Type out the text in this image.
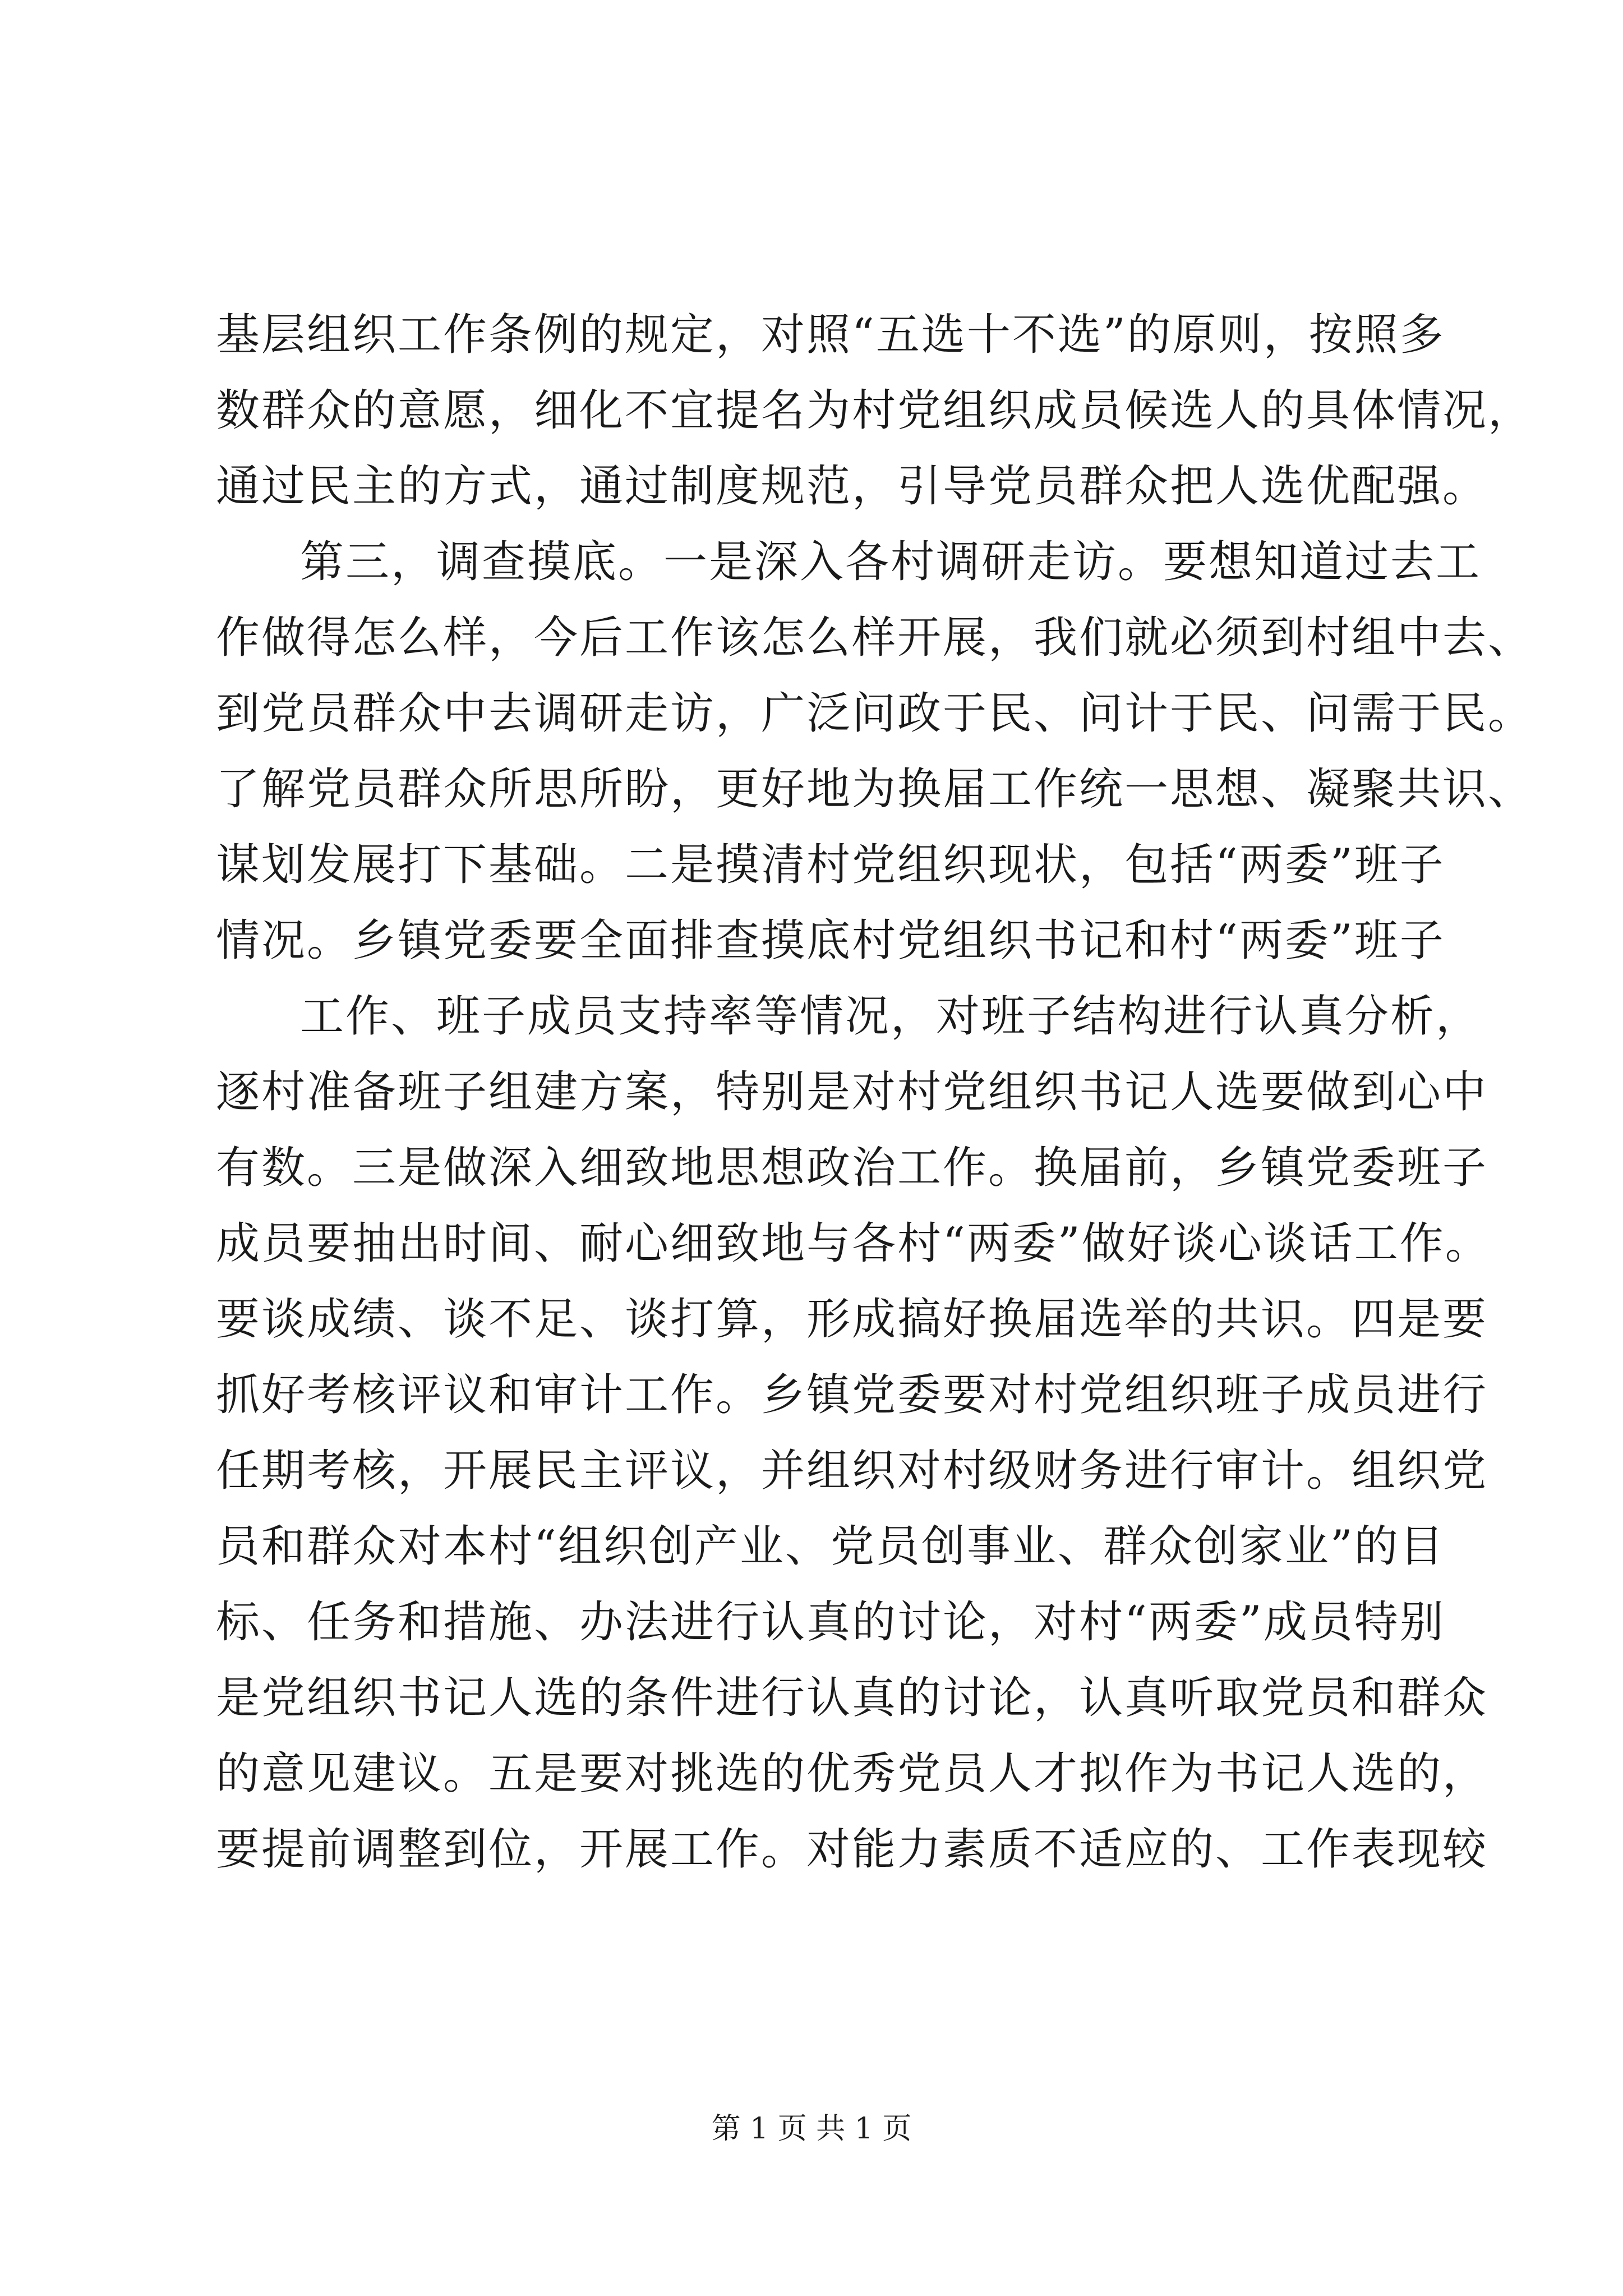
基层组织工作条例的规定，对照“五选十不选”的原则，按照多
数群众的意愿，细化不宜提名为村党组织成员候选人的具体情况，
通过民主的方式，通过制度规范，引导党员群众把人选优配强。
第三，调查摸底。一是深入各村调研走访。要想知道过去工
作做得怎么样，今后工作该怎么样开展，我们就必须到村组中去、
到党员群众中去调研走访，广泛问政于民、问计于民、问需于民。
了解党员群众所思所盼，更好地为换届工作统一思想、凝聚共识、
谋划发展打下基础。二是摸清村党组织现状，包括“两委”班子
情况。乡镇党委要全面排查摸底村党组织书记和村“两委”班子
工作、班子成员支持率等情况，对班子结构进行认真分析，
逐村准备班子组建方案，特别是对村党组织书记人选要做到心中
有数。三是做深入细致地思想政治工作。换届前，乡镇党委班子
成员要抽出时间、耐心细致地与各村“两委”做好谈心谈话工作。
要谈成绩、谈不足、谈打算，形成搞好换届选举的共识。四是要
抓好考核评议和审计工作。乡镇党委要对村党组织班子成员进行
任期考核，开展民主评议，并组织对村级财务进行审计。组织党
员和群众对本村“组织创产业、党员创事业、群众创家业”的目
标、任务和措施、办法进行认真的讨论，对村“两委”成员特别
是党组织书记人选的条件进行认真的讨论，认真听取党员和群众
的意见建议。五是要对挑选的优秀党员人才拟作为书记人选的，
要提前调整到位，开展工作。对能力素质不适应的、工作表现较
第 1 页 共 1 页
